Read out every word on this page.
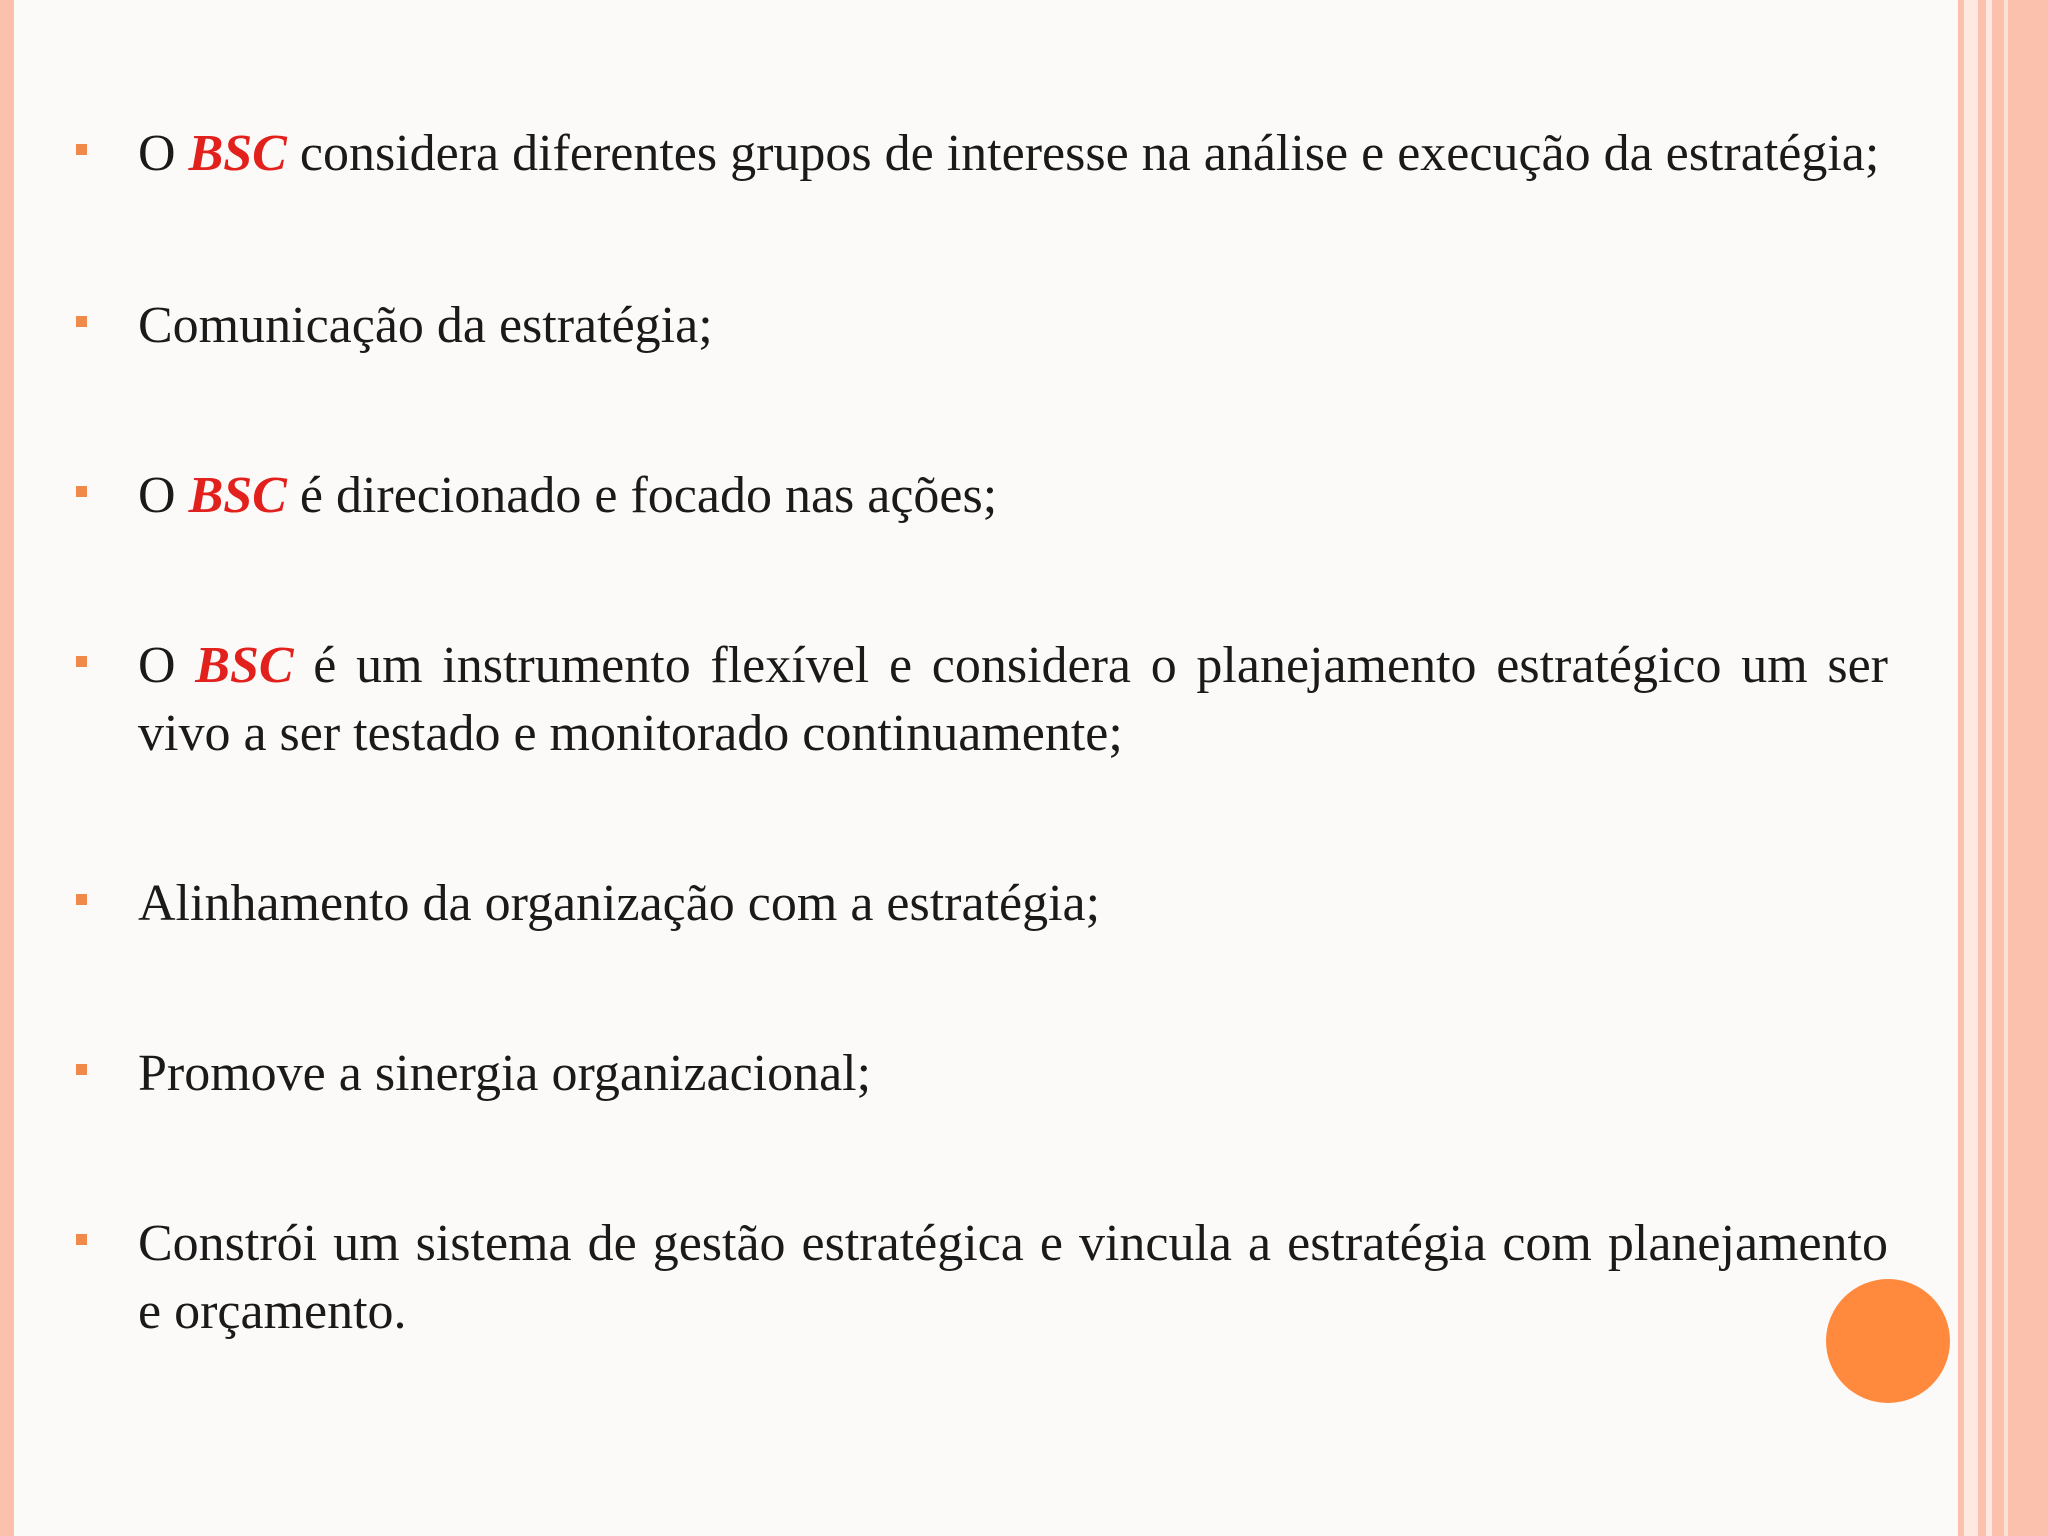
O BSC considera diferentes grupos de interesse na análise e execução da estratégia;
Comunicação da estratégia;
O BSC é direcionado e focado nas ações;
O BSC é um instrumento flexível e considera o planejamento estratégico um ser vivo a ser testado e monitorado continuamente;
Alinhamento da organização com a estratégia;
Promove a sinergia organizacional;
Constrói um sistema de gestão estratégica e vincula a estratégia com planejamento e orçamento.
